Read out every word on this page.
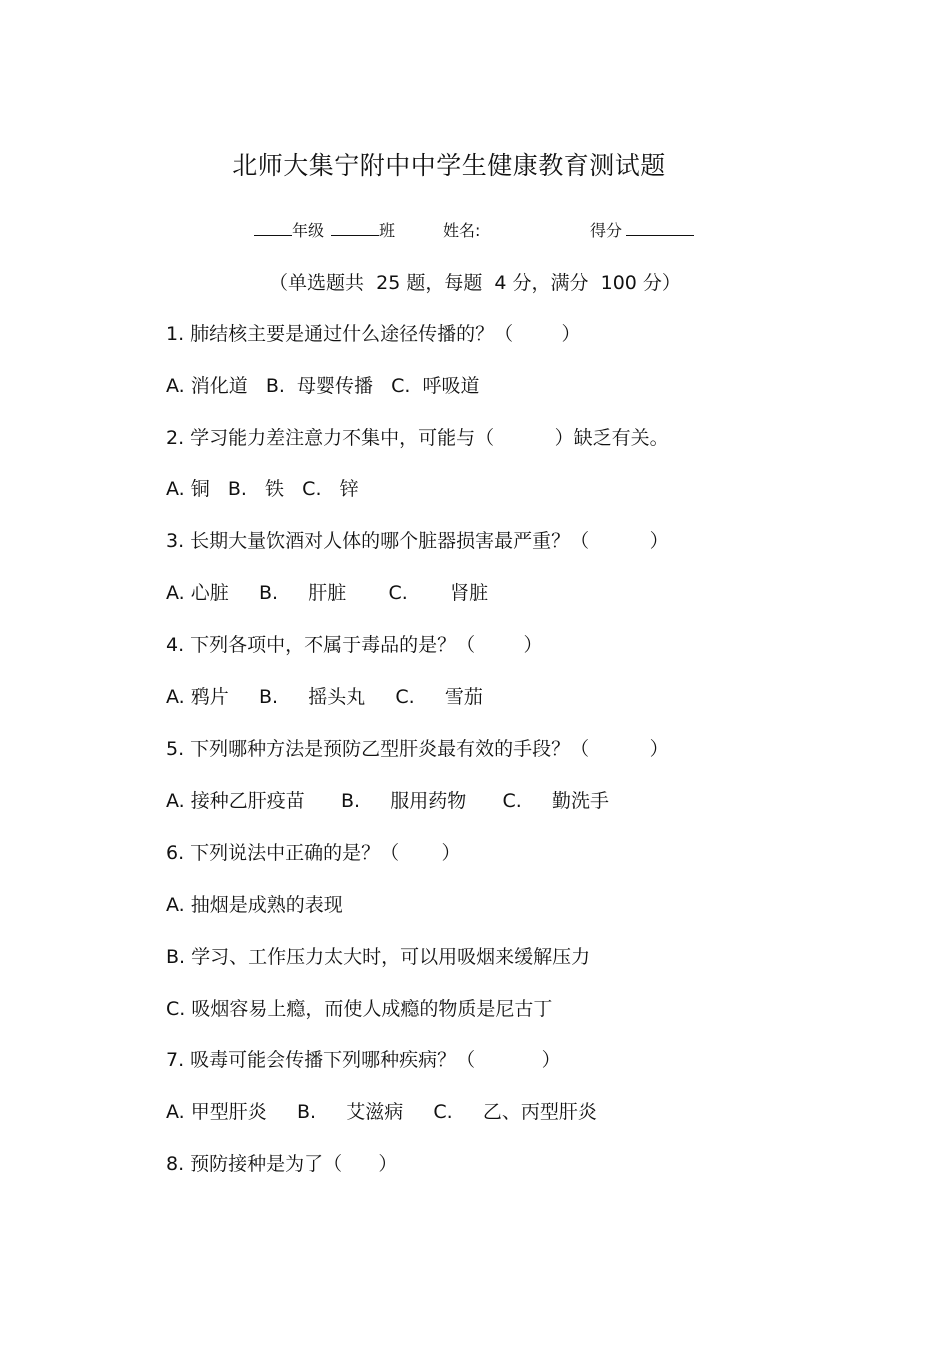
北师大集宁附中中学生健康教育测试题
年级	班	姓名:	得分
（单选题共  25 题，每题  4 分，满分  100 分）
1. 肺结核主要是通过什么途径传播的？（        ）
A. 消化道   B.  母婴传播   C.  呼吸道
2. 学习能力差注意力不集中，可能与（          ）缺乏有关。
A. 铜   B.   铁   C.   锌
3. 长期大量饮酒对人体的哪个脏器损害最严重？（          ）
A. 心脏     B.     肝脏       C.       肾脏
4. 下列各项中，不属于毒品的是？（        ）
A. 鸦片     B.     摇头丸     C.     雪茄
5. 下列哪种方法是预防乙型肝炎最有效的手段？（          ）
A. 接种乙肝疫苗      B.     服用药物      C.     勤洗手
6. 下列说法中正确的是？（       ）
A. 抽烟是成熟的表现
B. 学习、工作压力太大时，可以用吸烟来缓解压力
C. 吸烟容易上瘾，而使人成瘾的物质是尼古丁
7. 吸毒可能会传播下列哪种疾病？（           ）
A. 甲型肝炎     B.     艾滋病     C.     乙、丙型肝炎
8. 预防接种是为了（      ）
